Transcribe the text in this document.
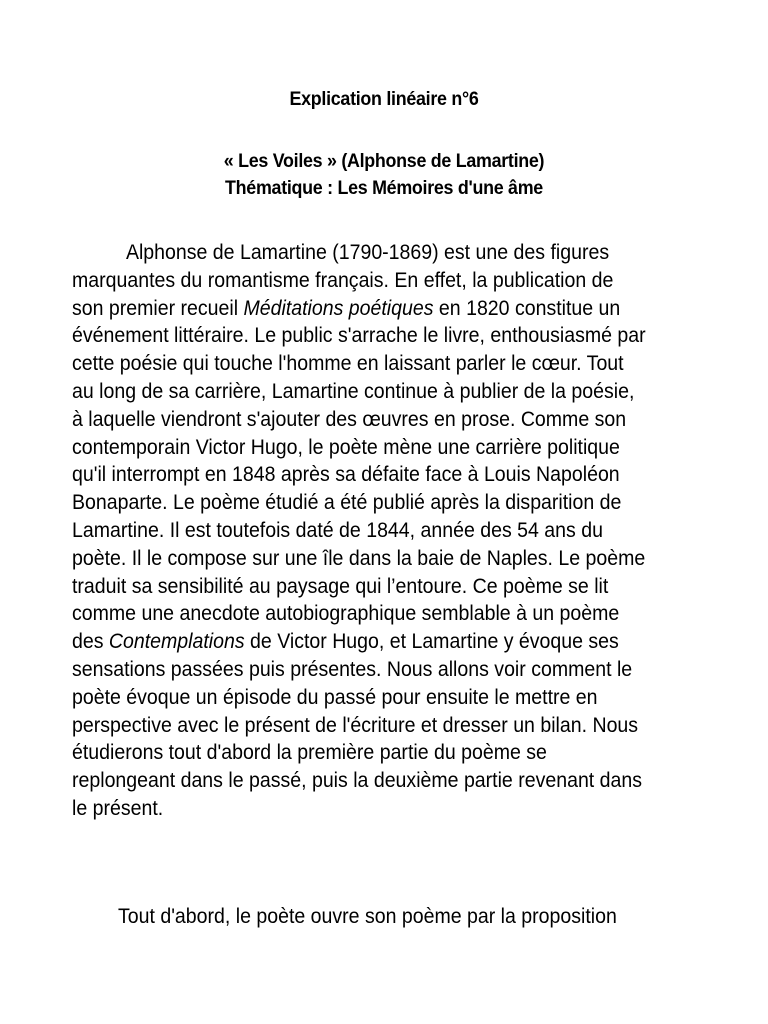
Explication linéaire n°6
« Les Voiles » (Alphonse de Lamartine)
Thématique : Les Mémoires d'une âme
Alphonse de Lamartine (1790-1869) est une des figures
marquantes du romantisme français. En effet, la publication de
son premier recueil Méditations poétiques en 1820 constitue un
événement littéraire. Le public s'arrache le livre, enthousiasmé par
cette poésie qui touche l'homme en laissant parler le cœur. Tout
au long de sa carrière, Lamartine continue à publier de la poésie,
à laquelle viendront s'ajouter des œuvres en prose. Comme son
contemporain Victor Hugo, le poète mène une carrière politique
qu'il interrompt en 1848 après sa défaite face à Louis Napoléon
Bonaparte. Le poème étudié a été publié après la disparition de
Lamartine. Il est toutefois daté de 1844, année des 54 ans du
poète. Il le compose sur une île dans la baie de Naples. Le poème
traduit sa sensibilité au paysage qui l’entoure. Ce poème se lit
comme une anecdote autobiographique semblable à un poème
des Contemplations de Victor Hugo, et Lamartine y évoque ses
sensations passées puis présentes. Nous allons voir comment le
poète évoque un épisode du passé pour ensuite le mettre en
perspective avec le présent de l'écriture et dresser un bilan. Nous
étudierons tout d'abord la première partie du poème se
replongeant dans le passé, puis la deuxième partie revenant dans
le présent.
Tout d'abord, le poète ouvre son poème par la proposition
